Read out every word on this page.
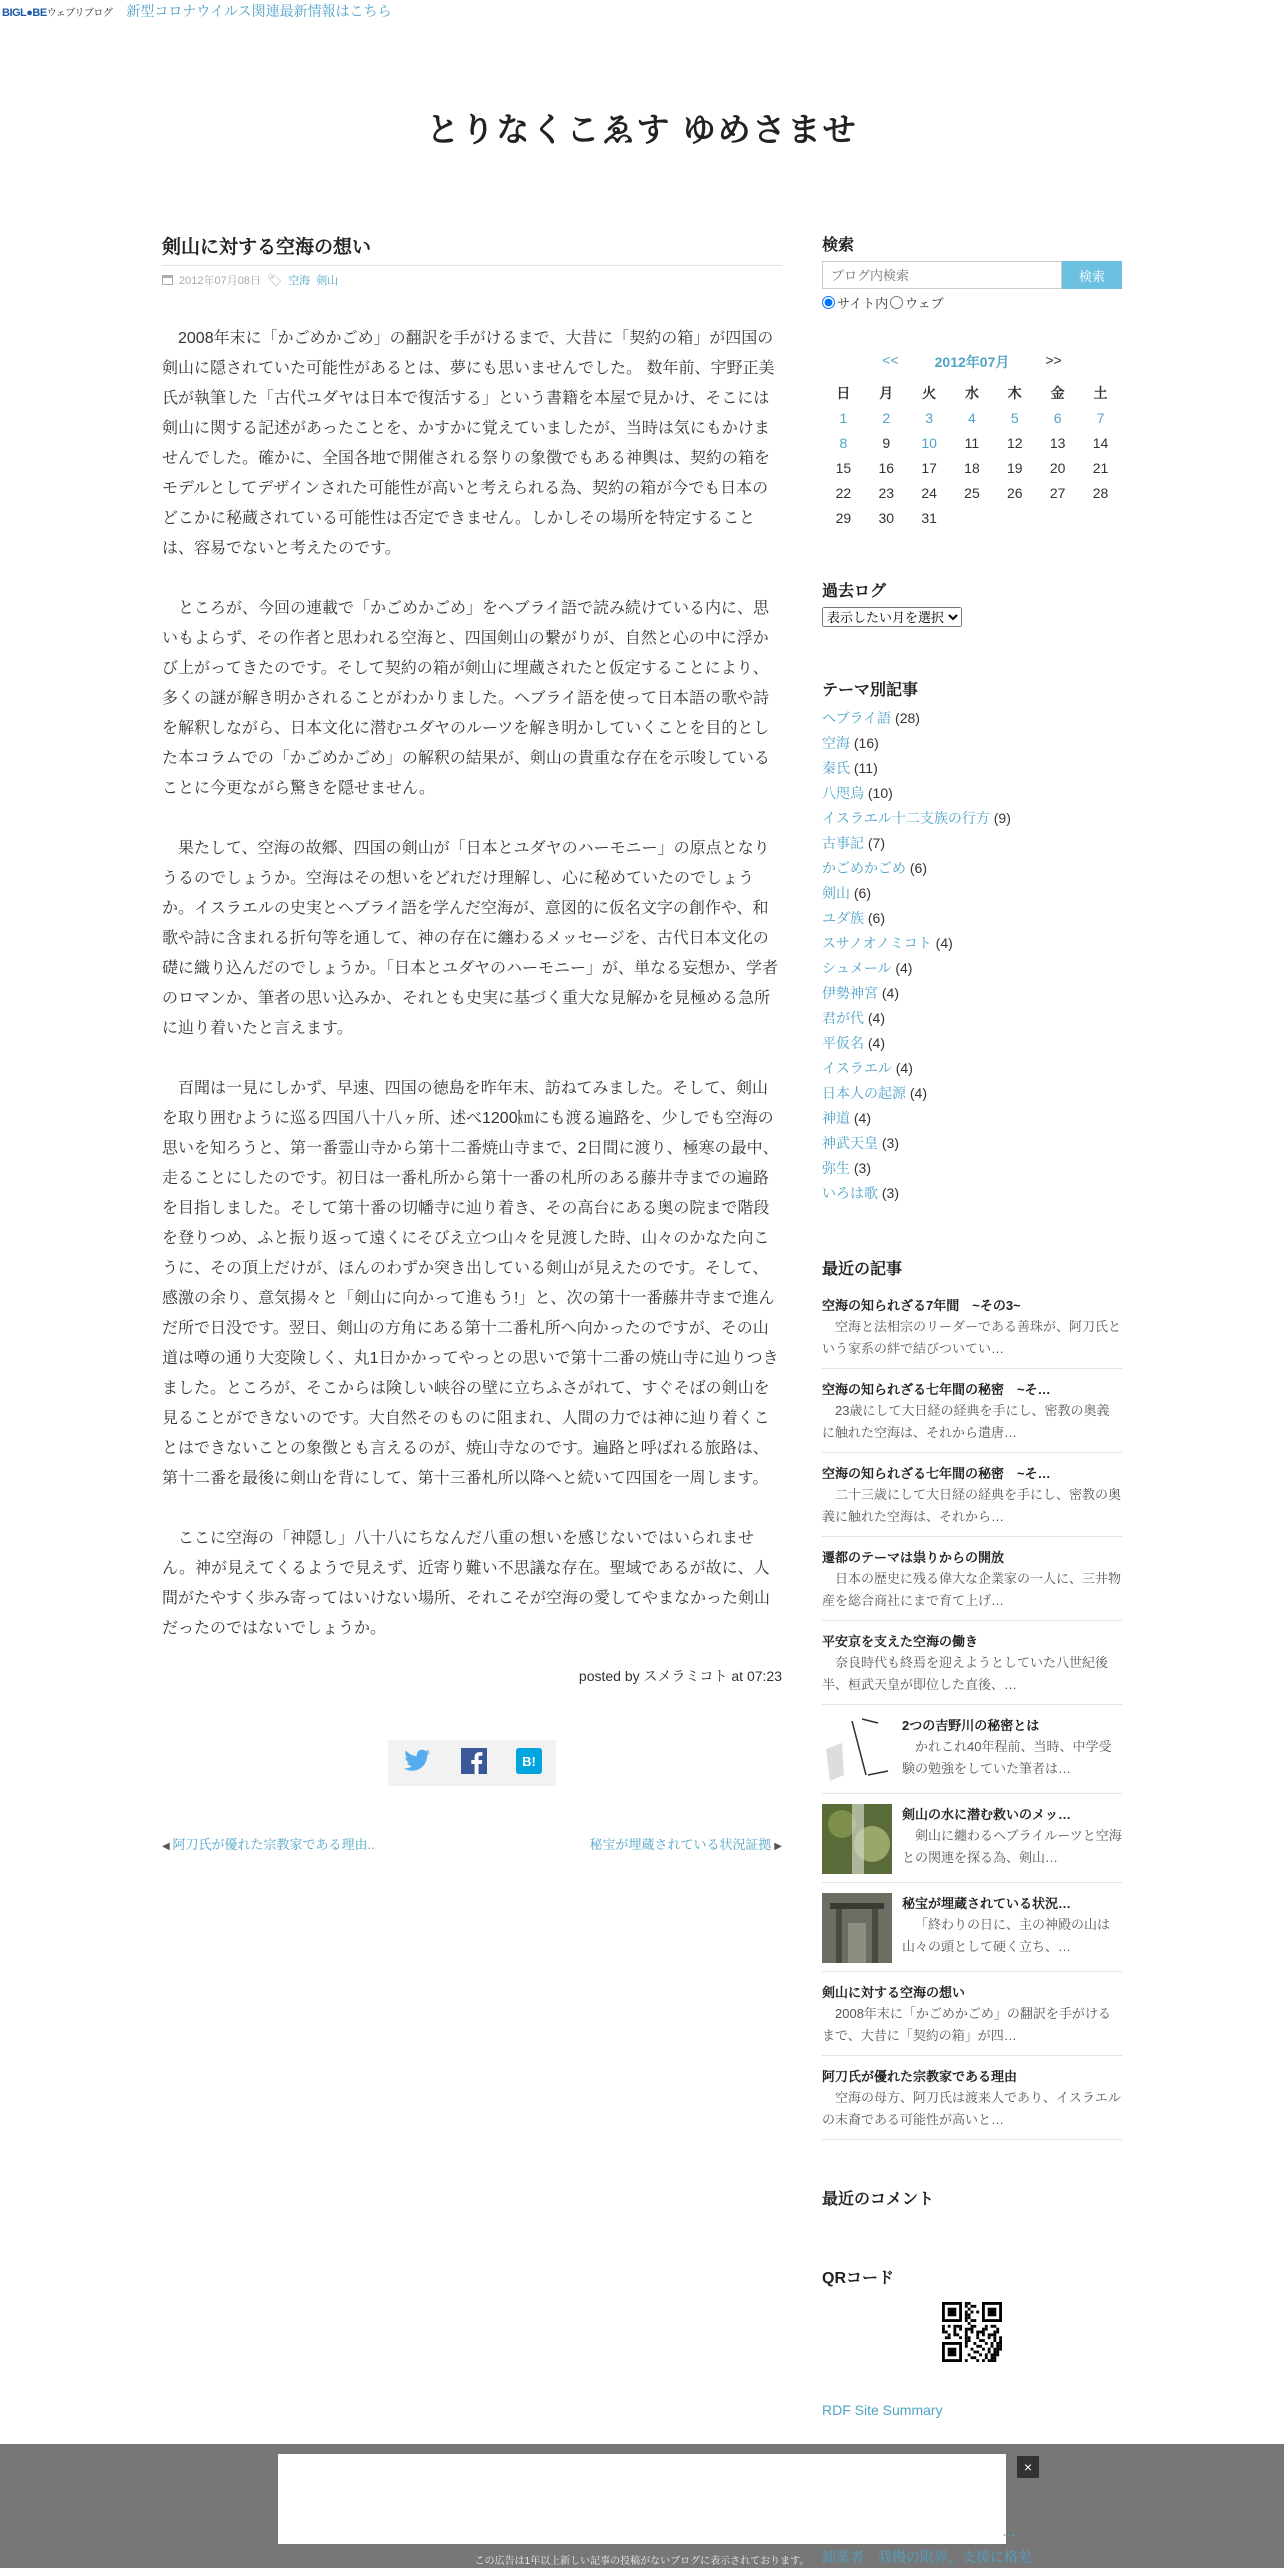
BIGL●BEウェブリブログ 新型コロナウイルス関連最新情報はこちら
とりなくこゑす ゆめさませ
剣山に対する空海の想い
2012年07月08日 🏷 空海 剣山

2008年末に「かごめかごめ」の翻訳を手がけるまで、大昔に「契約の箱」が四国の剣山に隠されていた可能性があるとは、夢にも思いませんでした。 数年前、宇野正美氏が執筆した「古代ユダヤは日本で復活する」という書籍を本屋で見かけ、そこには剣山に関する記述があったことを、かすかに覚えていましたが、当時は気にもかけませんでした。確かに、全国各地で開催される祭りの象徴でもある神輿は、契約の箱をモデルとしてデザインされた可能性が高いと考えられる為、契約の箱が今でも日本のどこかに秘蔵されている可能性は否定できません。しかしその場所を特定することは、容易でないと考えたのです。

ところが、今回の連載で「かごめかごめ」をヘブライ語で読み続けている内に、思いもよらず、その作者と思われる空海と、四国剣山の繋がりが、自然と心の中に浮かび上がってきたのです。そして契約の箱が剣山に埋蔵されたと仮定することにより、多くの謎が解き明かされることがわかりました。ヘブライ語を使って日本語の歌や詩を解釈しながら、日本文化に潜むユダヤのルーツを解き明かしていくことを目的とした本コラムでの「かごめかごめ」の解釈の結果が、剣山の貴重な存在を示唆していることに今更ながら驚きを隠せません。

果たして、空海の故郷、四国の剣山が「日本とユダヤのハーモニー」の原点となりうるのでしょうか。空海はその想いをどれだけ理解し、心に秘めていたのでしょうか。イスラエルの史実とヘブライ語を学んだ空海が、意図的に仮名文字の創作や、和歌や詩に含まれる折句等を通して、神の存在に纏わるメッセージを、古代日本文化の礎に織り込んだのでしょうか。「日本とユダヤのハーモニー」が、単なる妄想か、学者のロマンか、筆者の思い込みか、それとも史実に基づく重大な見解かを見極める急所に辿り着いたと言えます。

百聞は一見にしかず、早速、四国の徳島を昨年末、訪ねてみました。そして、剣山を取り囲むように巡る四国八十八ヶ所、述べ1200㎞にも渡る遍路を、少しでも空海の思いを知ろうと、第一番霊山寺から第十二番焼山寺まで、2日間に渡り、極寒の最中、走ることにしたのです。初日は一番札所から第十一番の札所のある藤井寺までの遍路を目指しました。そして第十番の切幡寺に辿り着き、その高台にある奥の院まで階段を登りつめ、ふと振り返って遠くにそびえ立つ山々を見渡した時、山々のかなた向こうに、その頂上だけが、ほんのわずか突き出している剣山が見えたのです。そして、感激の余り、意気揚々と「剣山に向かって進もう!」と、次の第十一番藤井寺まで進んだ所で日没です。翌日、剣山の方角にある第十二番札所へ向かったのですが、その山道は噂の通り大変険しく、丸1日かかってやっとの思いで第十二番の焼山寺に辿りつきました。ところが、そこからは険しい峡谷の壁に立ちふさがれて、すぐそばの剣山を見ることができないのです。大自然そのものに阻まれ、人間の力では神に辿り着くことはできないことの象徴とも言えるのが、焼山寺なのです。遍路と呼ばれる旅路は、第十二番を最後に剣山を背にして、第十三番札所以降へと続いて四国を一周します。

ここに空海の「神隠し」八十八にちなんだ八重の想いを感じないではいられません。神が見えてくるようで見えず、近寄り難い不思議な存在。聖域であるが故に、人間がたやすく歩み寄ってはいけない場所、それこそが空海の愛してやまなかった剣山だったのではないでしょうか。

posted by スメラミコト at 07:23
B!
◀ 阿刀氏が優れた宗教家である理由..	秘宝が埋蔵されている状況証拠 ▶
検索
ブログ内検索
検索
サイト内 ウェブ
<<	2012年07月	>>
日	月	火	水	木	金	土
1	2	3	4	5	6	7
8	9	10	11	12	13	14
15	16	17	18	19	20	21
22	23	24	25	26	27	28
29	30	31				
過去ログ
表示したい月を選択
テーマ別記事
ヘブライ語 (28)
空海 (16)
秦氏 (11)
八咫烏 (10)
イスラエル十二支族の行方 (9)
古事記 (7)
かごめかごめ (6)
剣山 (6)
ユダ族 (6)
スサノオノミコト (4)
シュメール (4)
伊勢神宮 (4)
君が代 (4)
平仮名 (4)
イスラエル (4)
日本人の起源 (4)
神道 (4)
神武天皇 (3)
弥生 (3)
いろは歌 (3)
最近の記事
空海の知られざる7年間　~その3~
空海と法相宗のリーダーである善珠が、阿刀氏という家系の絆で結びついてい…
空海の知られざる七年間の秘密　~そ…
23歳にして大日経の経典を手にし、密教の奥義に触れた空海は、それから遣唐…
空海の知られざる七年間の秘密　~そ…
二十三歳にして大日経の経典を手にし、密教の奥義に触れた空海は、それから…
遷都のテーマは祟りからの開放
日本の歴史に残る偉大な企業家の一人に、三井物産を総合商社にまで育て上げ…
平安京を支えた空海の働き
奈良時代も終焉を迎えようとしていた八世紀後半、桓武天皇が即位した直後、…
2つの吉野川の秘密とは
かれこれ40年程前、当時、中学受験の勉強をしていた筆者は…
剣山の水に潜む救いのメッ…
剣山に纏わるヘブライルーツと空海との関連を探る為、剣山…
秘宝が埋蔵されている状況…
「終わりの日に、主の神殿の山は山々の頭として硬く立ち、…
剣山に対する空海の想い
2008年末に「かごめかごめ」の翻訳を手がけるまで、大昔に「契約の箱」が四…
阿刀氏が優れた宗教家である理由
空海の母方、阿刀氏は渡来人であり、イスラエルの末裔である可能性が高いと…
最近のコメント
QRコード
RDF Site Summary
×
…
卸業者　我慢の限界，支援に格差
この広告は1年以上新しい記事の投稿がないブログに表示されております。
